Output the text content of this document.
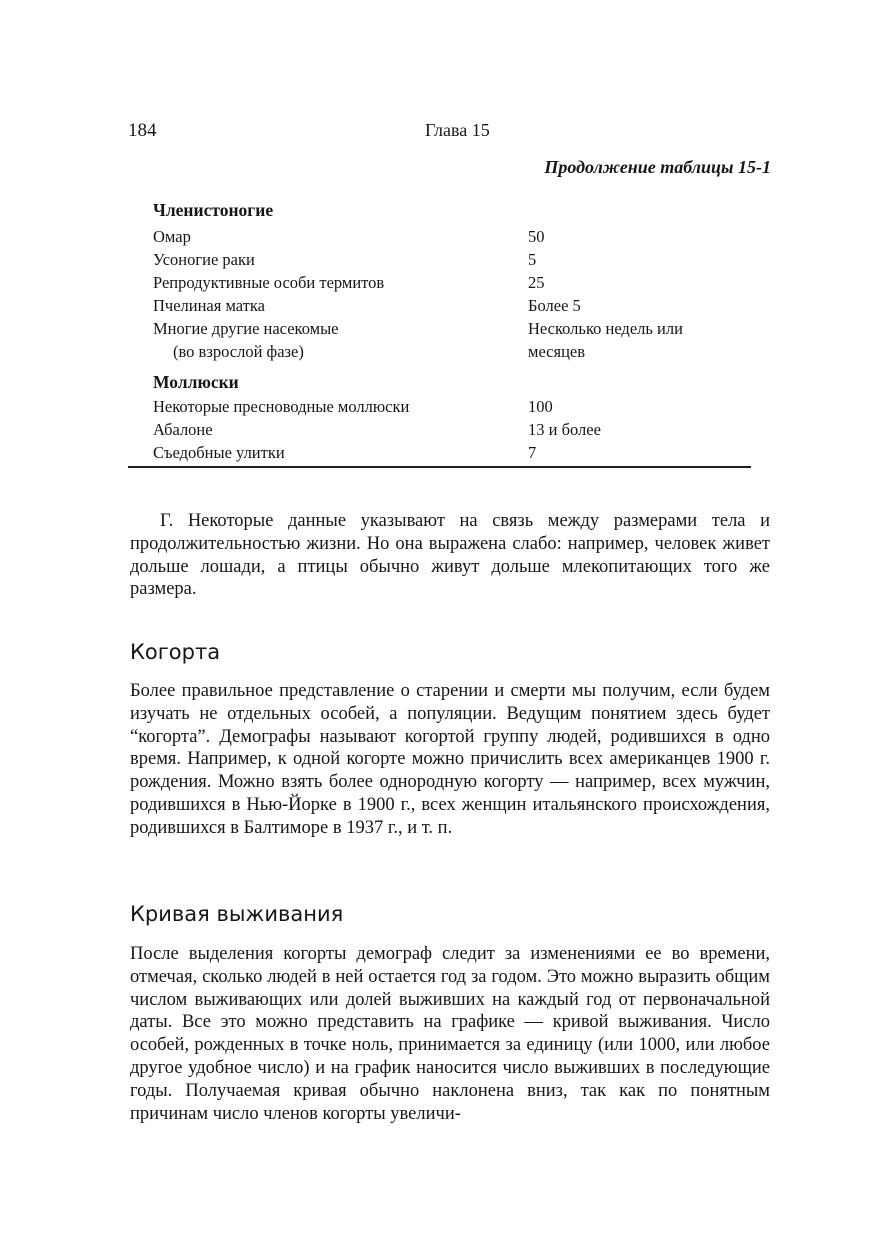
184	Глава 15
Продолжение таблицы 15-1
Членистоногие
Омар	50
Усоногие раки	5
Репродуктивные особи термитов	25
Пчелиная матка	Более 5
Многие другие насекомые	Несколько недель или
(во взрослой фазе)	месяцев
Моллюски
Некоторые пресноводные моллюски	100
Абалоне	13 и более
Съедобные улитки	7

Г. Некоторые данные указывают на связь между размерами тела и продолжительностью жизни. Но она выражена слабо: например, человек живет дольше лошади, а птицы обычно живут дольше млекопитающих того же размера.

Когорта

Более правильное представление о старении и смерти мы получим, если будем изучать не отдельных особей, а популяции. Ведущим понятием здесь будет “когорта”. Демографы называют когортой группу людей, родившихся в одно время. Например, к одной когорте можно причислить всех американцев 1900 г. рождения. Можно взять более однородную когорту — например, всех мужчин, родившихся в Нью-Йорке в 1900 г., всех женщин итальянского происхождения, родившихся в Балтиморе в 1937 г., и т. п.

Кривая выживания

После выделения когорты демограф следит за изменениями ее во времени, отмечая, сколько людей в ней остается год за годом. Это можно выразить общим числом выживающих или долей выживших на каждый год от первоначальной даты. Все это можно представить на графике — кривой выживания. Число особей, рожденных в точке ноль, принимается за единицу (или 1000, или любое другое удобное число) и на график наносится число выживших в последующие годы. Получаемая кривая обычно наклонена вниз, так как по понятным причинам число членов когорты увеличи-
